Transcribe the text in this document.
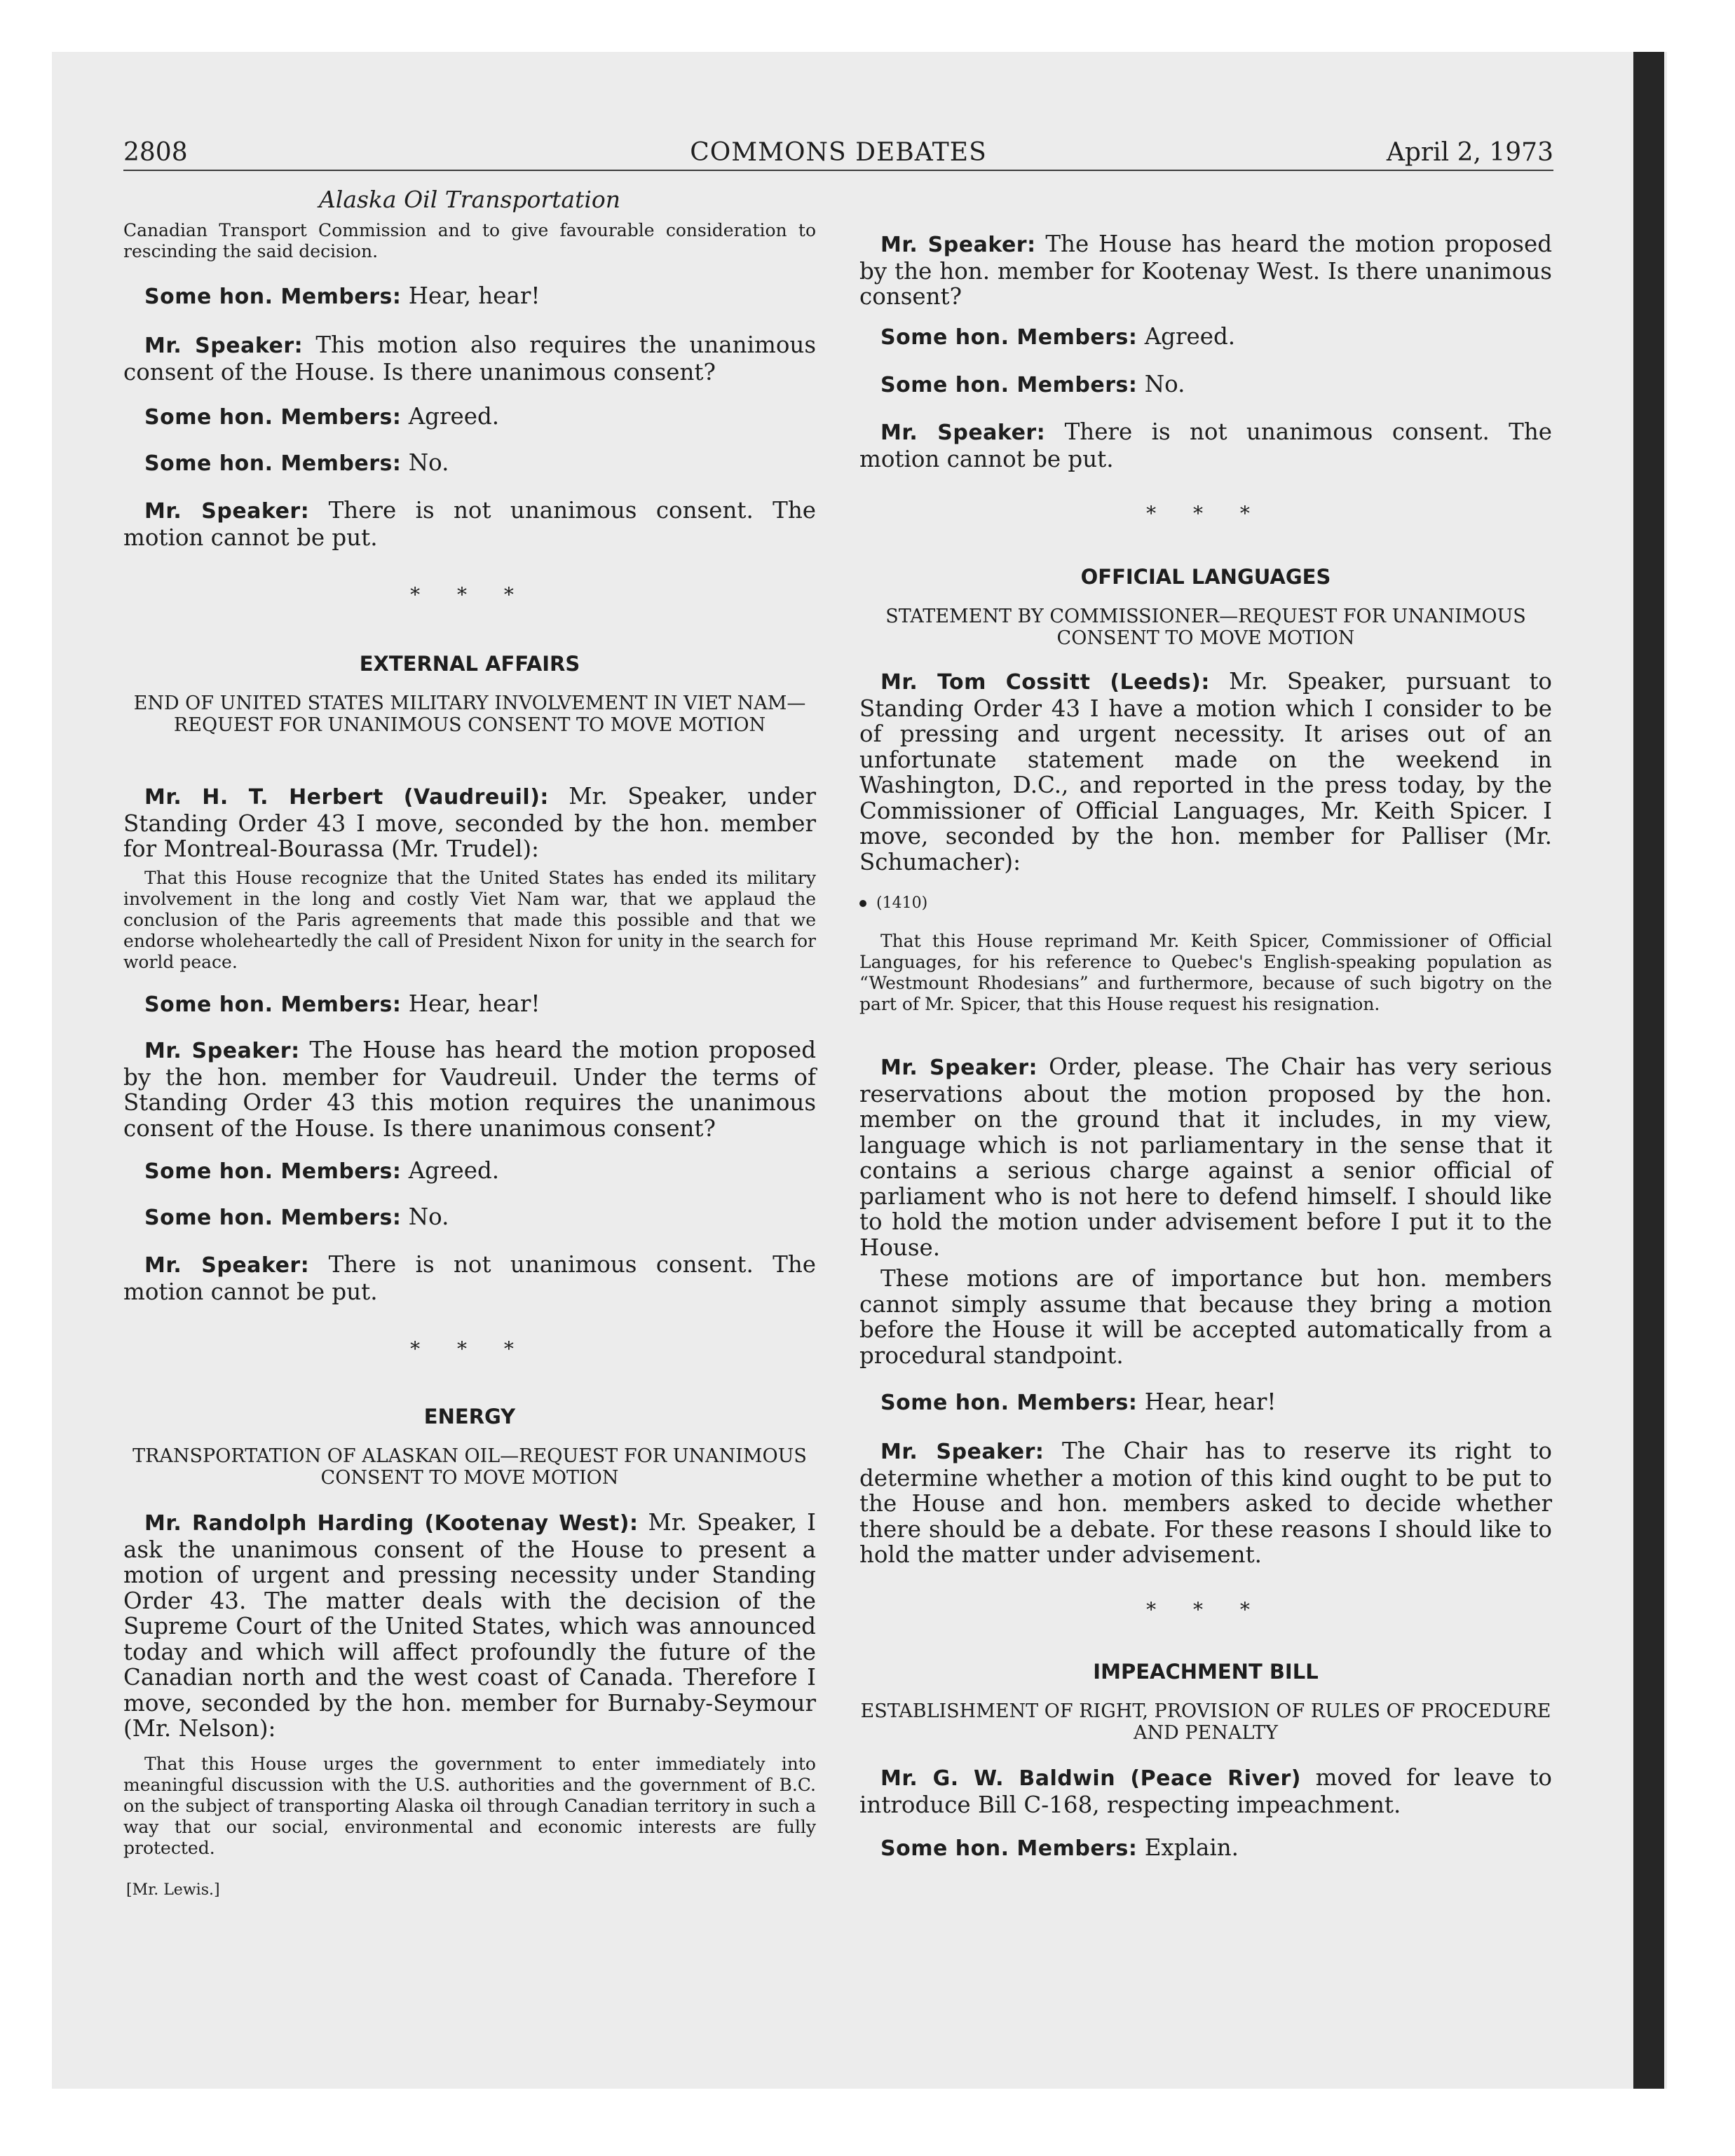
COMMONS DEBATES
2808	April 2, 1973

Alaska Oil Transportation

Canadian Transport Commission and to give favourable consideration to rescinding the said decision.

Some hon. Members: Hear, hear!

Mr. Speaker: This motion also requires the unanimous consent of the House. Is there unanimous consent?

Some hon. Members: Agreed.

Some hon. Members: No.

Mr. Speaker: There is not unanimous consent. The motion cannot be put.

* * *

EXTERNAL AFFAIRS

END OF UNITED STATES MILITARY INVOLVEMENT IN VIET NAM—REQUEST FOR UNANIMOUS CONSENT TO MOVE MOTION

Mr. H. T. Herbert (Vaudreuil): Mr. Speaker, under Standing Order 43 I move, seconded by the hon. member for Montreal-Bourassa (Mr. Trudel):

That this House recognize that the United States has ended its military involvement in the long and costly Viet Nam war, that we applaud the conclusion of the Paris agreements that made this possible and that we endorse wholeheartedly the call of President Nixon for unity in the search for world peace.

Some hon. Members: Hear, hear!

Mr. Speaker: The House has heard the motion proposed by the hon. member for Vaudreuil. Under the terms of Standing Order 43 this motion requires the unanimous consent of the House. Is there unanimous consent?

Some hon. Members: Agreed.

Some hon. Members: No.

Mr. Speaker: There is not unanimous consent. The motion cannot be put.

* * *

ENERGY

TRANSPORTATION OF ALASKAN OIL—REQUEST FOR UNANIMOUS CONSENT TO MOVE MOTION

Mr. Randolph Harding (Kootenay West): Mr. Speaker, I ask the unanimous consent of the House to present a motion of urgent and pressing necessity under Standing Order 43. The matter deals with the decision of the Supreme Court of the United States, which was announced today and which will affect profoundly the future of the Canadian north and the west coast of Canada. Therefore I move, seconded by the hon. member for Burnaby-Seymour (Mr. Nelson):

That this House urges the government to enter immediately into meaningful discussion with the U.S. authorities and the government of B.C. on the subject of transporting Alaska oil through Canadian territory in such a way that our social, environmental and economic interests are fully protected.

[Mr. Lewis.]

Mr. Speaker: The House has heard the motion proposed by the hon. member for Kootenay West. Is there unanimous consent?

Some hon. Members: Agreed.

Some hon. Members: No.

Mr. Speaker: There is not unanimous consent. The motion cannot be put.

* * *

OFFICIAL LANGUAGES

STATEMENT BY COMMISSIONER—REQUEST FOR UNANIMOUS CONSENT TO MOVE MOTION

Mr. Tom Cossitt (Leeds): Mr. Speaker, pursuant to Standing Order 43 I have a motion which I consider to be of pressing and urgent necessity. It arises out of an unfortunate statement made on the weekend in Washington, D.C., and reported in the press today, by the Commissioner of Official Languages, Mr. Keith Spicer. I move, seconded by the hon. member for Palliser (Mr. Schumacher):

(1410)

That this House reprimand Mr. Keith Spicer, Commissioner of Official Languages, for his reference to Quebec's English-speaking population as “Westmount Rhodesians” and furthermore, because of such bigotry on the part of Mr. Spicer, that this House request his resignation.

Mr. Speaker: Order, please. The Chair has very serious reservations about the motion proposed by the hon. member on the ground that it includes, in my view, language which is not parliamentary in the sense that it contains a serious charge against a senior official of parliament who is not here to defend himself. I should like to hold the motion under advisement before I put it to the House.

These motions are of importance but hon. members cannot simply assume that because they bring a motion before the House it will be accepted automatically from a procedural standpoint.

Some hon. Members: Hear, hear!

Mr. Speaker: The Chair has to reserve its right to determine whether a motion of this kind ought to be put to the House and hon. members asked to decide whether there should be a debate. For these reasons I should like to hold the matter under advisement.

* * *

IMPEACHMENT BILL

ESTABLISHMENT OF RIGHT, PROVISION OF RULES OF PROCEDURE AND PENALTY

Mr. G. W. Baldwin (Peace River) moved for leave to introduce Bill C-168, respecting impeachment.

Some hon. Members: Explain.
